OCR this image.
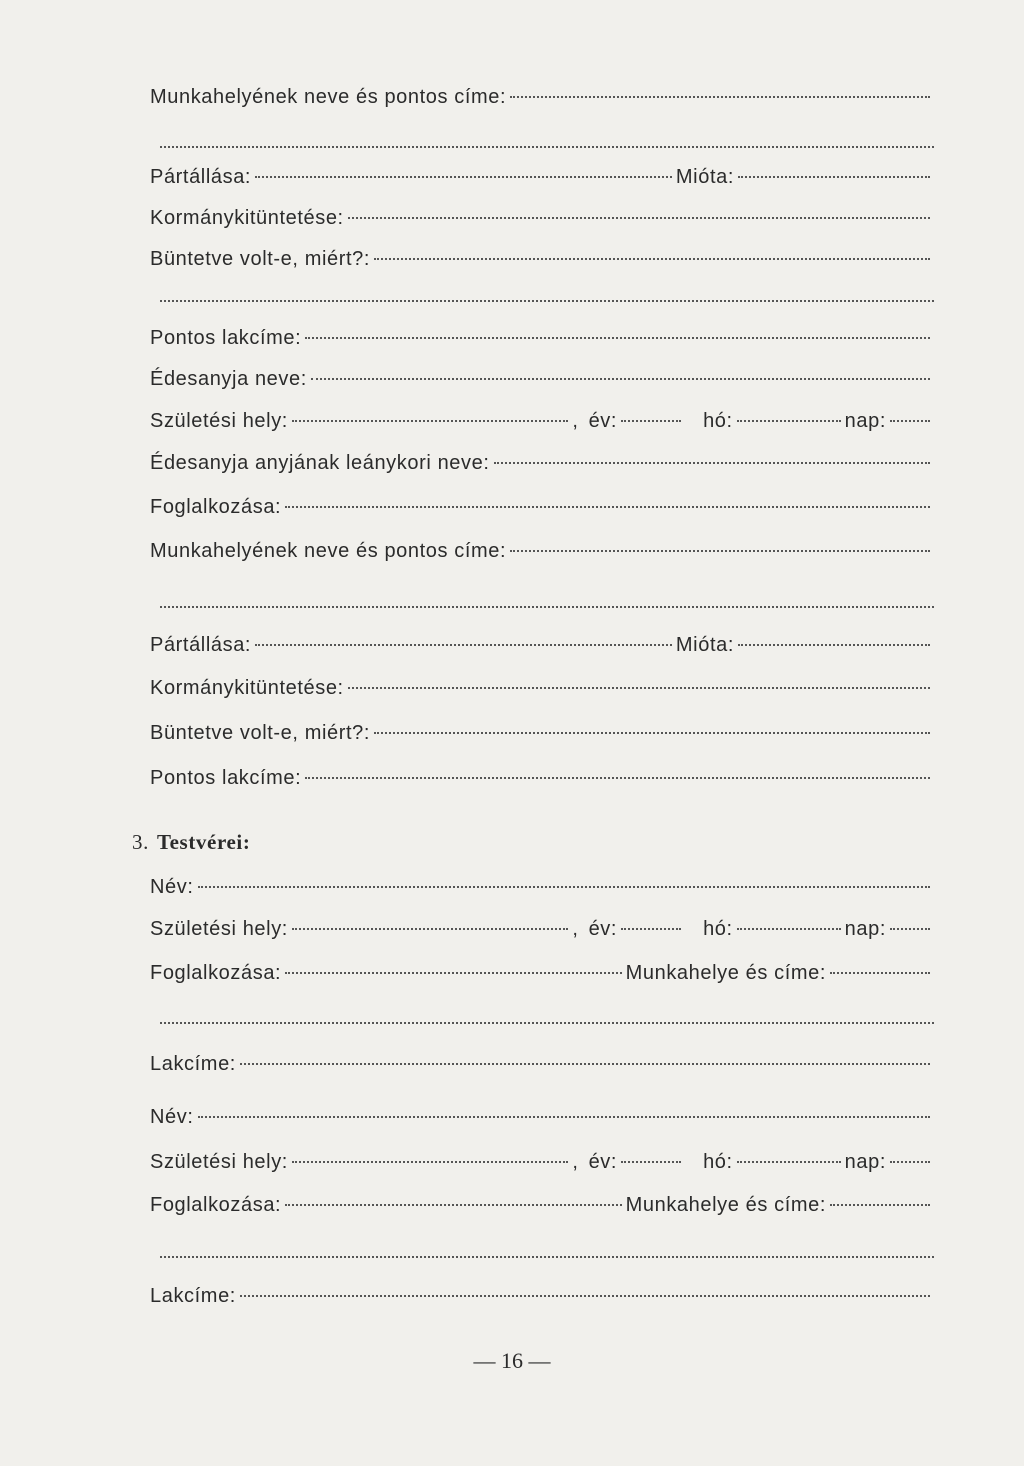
Munkahelyének neve és pontos címe:
Pártállása:	Mióta:
Kormánykitüntetése:
Büntetve volt-e, miért?:
Pontos lakcíme:
Édesanyja neve:
Születési hely:	, év:	hó:	nap:
Édesanyja anyjának leánykori neve:
Foglalkozása:
Munkahelyének neve és pontos címe:
Pártállása:	Mióta:
Kormánykitüntetése:
Büntetve volt-e, miért?:
Pontos lakcíme:
3. Testvérei:
Név:
Születési hely:	, év:	hó:	nap:
Foglalkozása:	Munkahelye és címe:
Lakcíme:
Név:
Születési hely:	, év:	hó:	nap:
Foglalkozása:	Munkahelye és címe:
Lakcíme:
— 16 —
